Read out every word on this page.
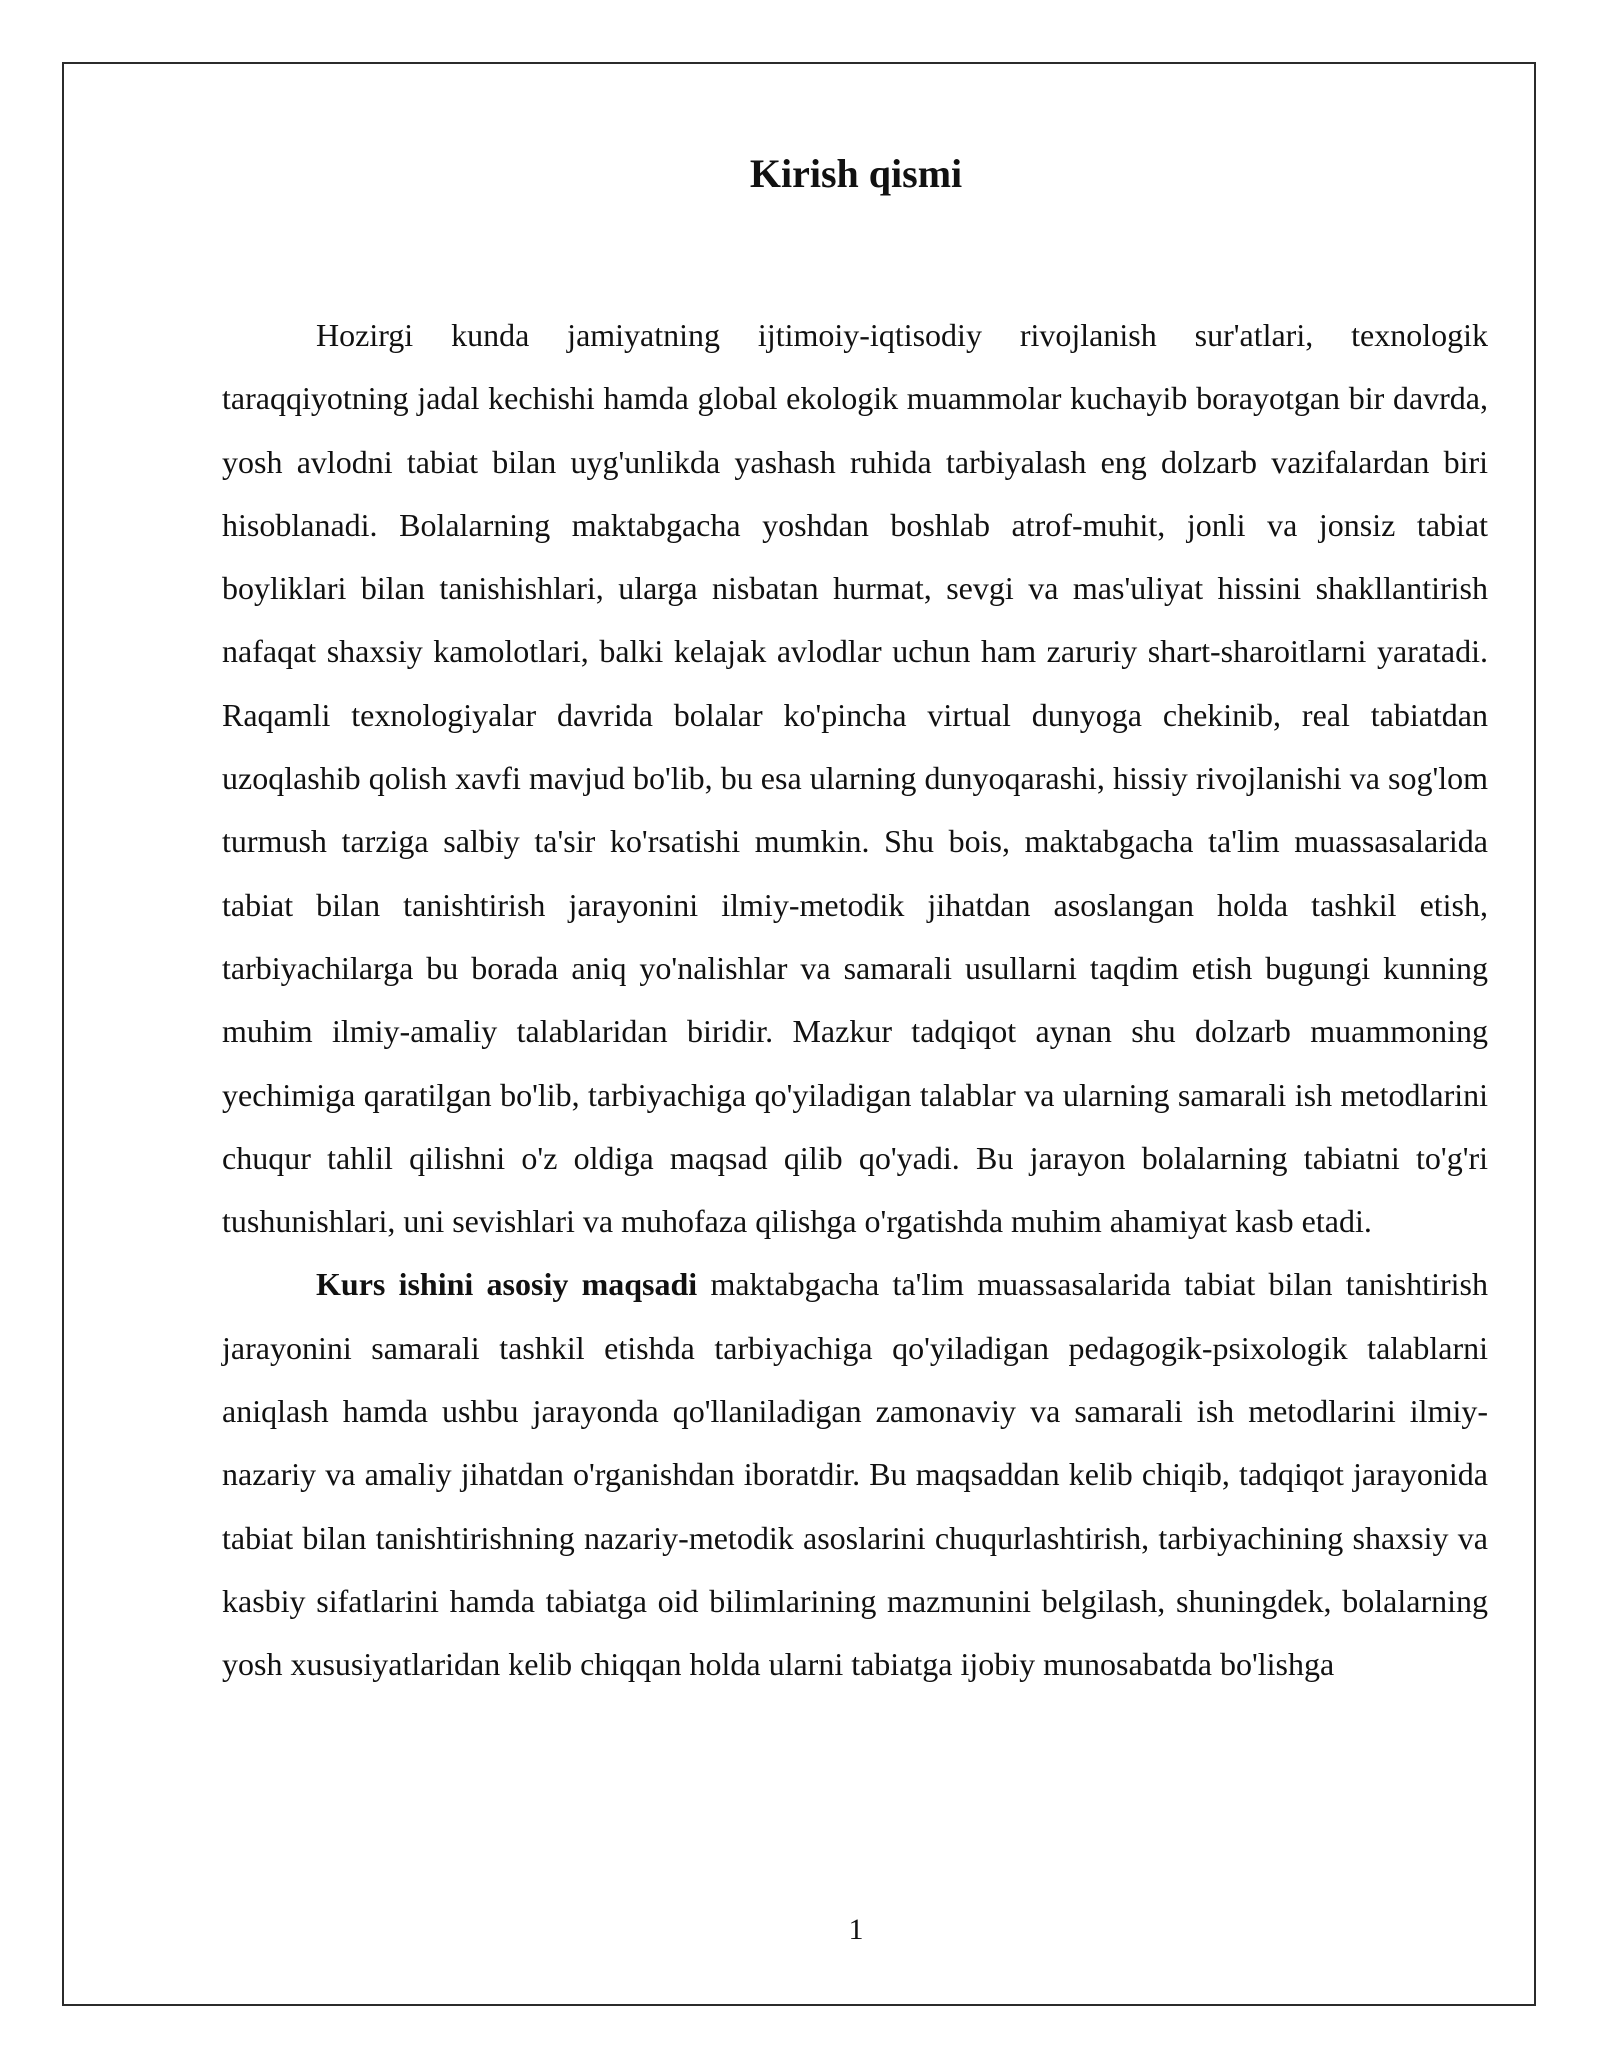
Kirish qismi

Hozirgi kunda jamiyatning ijtimoiy-iqtisodiy rivojlanish sur'atlari, texnologik taraqqiyotning jadal kechishi hamda global ekologik muammolar kuchayib borayotgan bir davrda, yosh avlodni tabiat bilan uyg'unlikda yashash ruhida tarbiyalash eng dolzarb vazifalardan biri hisoblanadi. Bolalarning maktabgacha yoshdan boshlab atrof-muhit, jonli va jonsiz tabiat boyliklari bilan tanishishlari, ularga nisbatan hurmat, sevgi va mas'uliyat hissini shakllantirish nafaqat shaxsiy kamolotlari, balki kelajak avlodlar uchun ham zaruriy shart-sharoitlarni yaratadi. Raqamli texnologiyalar davrida bolalar ko'pincha virtual dunyoga chekinib, real tabiatdan uzoqlashib qolish xavfi mavjud bo'lib, bu esa ularning dunyoqarashi, hissiy rivojlanishi va sog'lom turmush tarziga salbiy ta'sir ko'rsatishi mumkin. Shu bois, maktabgacha ta'lim muassasalarida tabiat bilan tanishtirish jarayonini ilmiy-metodik jihatdan asoslangan holda tashkil etish, tarbiyachilarga bu borada aniq yo'nalishlar va samarali usullarni taqdim etish bugungi kunning muhim ilmiy-amaliy talablaridan biridir. Mazkur tadqiqot aynan shu dolzarb muammoning yechimiga qaratilgan bo'lib, tarbiyachiga qo'yiladigan talablar va ularning samarali ish metodlarini chuqur tahlil qilishni o'z oldiga maqsad qilib qo'yadi. Bu jarayon bolalarning tabiatni to'g'ri tushunishlari, uni sevishlari va muhofaza qilishga o'rgatishda muhim ahamiyat kasb etadi.

Kurs ishini asosiy maqsadi maktabgacha ta'lim muassasalarida tabiat bilan tanishtirish jarayonini samarali tashkil etishda tarbiyachiga qo'yiladigan pedagogik-psixologik talablarni aniqlash hamda ushbu jarayonda qo'llaniladigan zamonaviy va samarali ish metodlarini ilmiy-nazariy va amaliy jihatdan o'rganishdan iboratdir. Bu maqsaddan kelib chiqib, tadqiqot jarayonida tabiat bilan tanishtirishning nazariy-metodik asoslarini chuqurlashtirish, tarbiyachining shaxsiy va kasbiy sifatlarini hamda tabiatga oid bilimlarining mazmunini belgilash, shuningdek, bolalarning yosh xususiyatlaridan kelib chiqqan holda ularni tabiatga ijobiy munosabatda bo'lishga

1
